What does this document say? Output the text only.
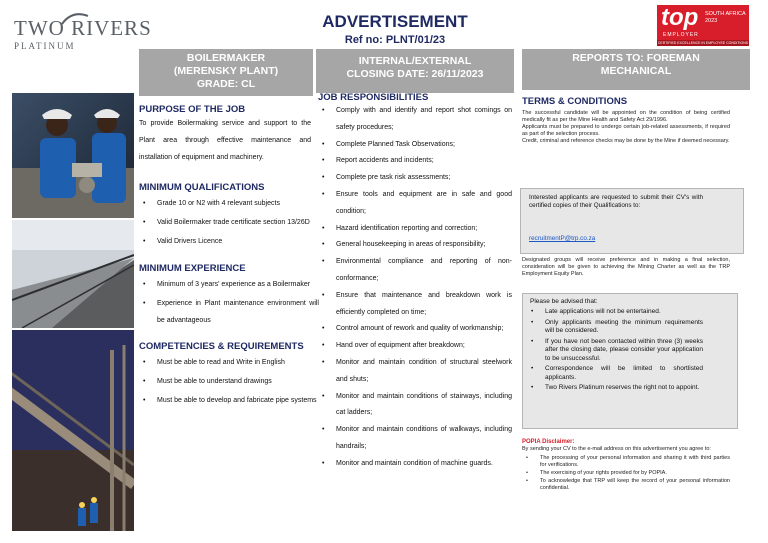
TWO RIVERS
PLATINUM
ADVERTISEMENT
Ref no: PLNT/01/23
top
EMPLOYER
SOUTH AFRICA
2023
CERTIFIED EXCELLENCE IN EMPLOYEE CONDITIONS
BOILERMAKER
(MERENSKY PLANT)
GRADE: CL
INTERNAL/EXTERNAL
CLOSING DATE: 26/11/2023
REPORTS TO: FOREMAN
MECHANICAL
PURPOSE OF THE JOB
To provide Boilermaking service and support to the Plant area through effective maintenance and installation of equipment and machinery.
MINIMUM QUALIFICATIONS
• Grade 10 or N2 with 4 relevant subjects
• Valid Boilermaker trade certificate section 13/26D
• Valid Drivers Licence
MINIMUM EXPERIENCE
• Minimum of 3 years' experience as a Boilermaker
• Experience in Plant maintenance environment will be advantageous
COMPETENCIES & REQUIREMENTS
• Must be able to read and Write in English
• Must be able to understand drawings
• Must be able to develop and fabricate pipe systems
JOB RESPONSIBILITIES
• Comply with and identify and report shot comings on safety procedures;
• Complete Planned Task Observations;
• Report accidents and incidents;
• Complete pre task risk assessments;
• Ensure tools and equipment are in safe and good condition;
• Hazard identification reporting and correction;
• General housekeeping in areas of responsibility;
• Environmental compliance and reporting of non-conformance;
• Ensure that maintenance and breakdown work is efficiently completed on time;
• Control amount of rework and quality of workmanship;
• Hand over of equipment after breakdown;
• Monitor and maintain condition of structural steelwork and shuts;
• Monitor and maintain conditions of stairways, including cat ladders;
• Monitor and maintain conditions of walkways, including handrails;
• Monitor and maintain condition of machine guards.
TERMS & CONDITIONS
The successful candidate will be appointed on the condition of being certified medically fit as per the Mine Health and Safety Act 29/1996.
Applicants must be prepared to undergo certain job-related assessments, if required as part of the selection process.
Credit, criminal and reference checks may be done by the Mine if deemed necessary.
Interested applicants are requested to submit their CV's with certified copies of their Qualifications to:
recruitmentP@trp.co.za
Designated groups will receive preference and in making a final selection, consideration will be given to achieving the Mining Charter as well as the TRP Employment Equity Plan.
Please be advised that:
• Late applications will not be entertained.
• Only applicants meeting the minimum requirements will be considered.
• If you have not been contacted within three (3) weeks after the closing date, please consider your application to be unsuccessful.
• Correspondence will be limited to shortlisted applicants.
• Two Rivers Platinum reserves the right not to appoint.
POPIA Disclaimer:
By sending your CV to the e-mail address on this advertisement you agree to:
• The processing of your personal information and sharing it with third parties for verifications.
• The exercising of your rights provided for by POPIA.
• To acknowledge that TRP will keep the record of your personal information confidential.
